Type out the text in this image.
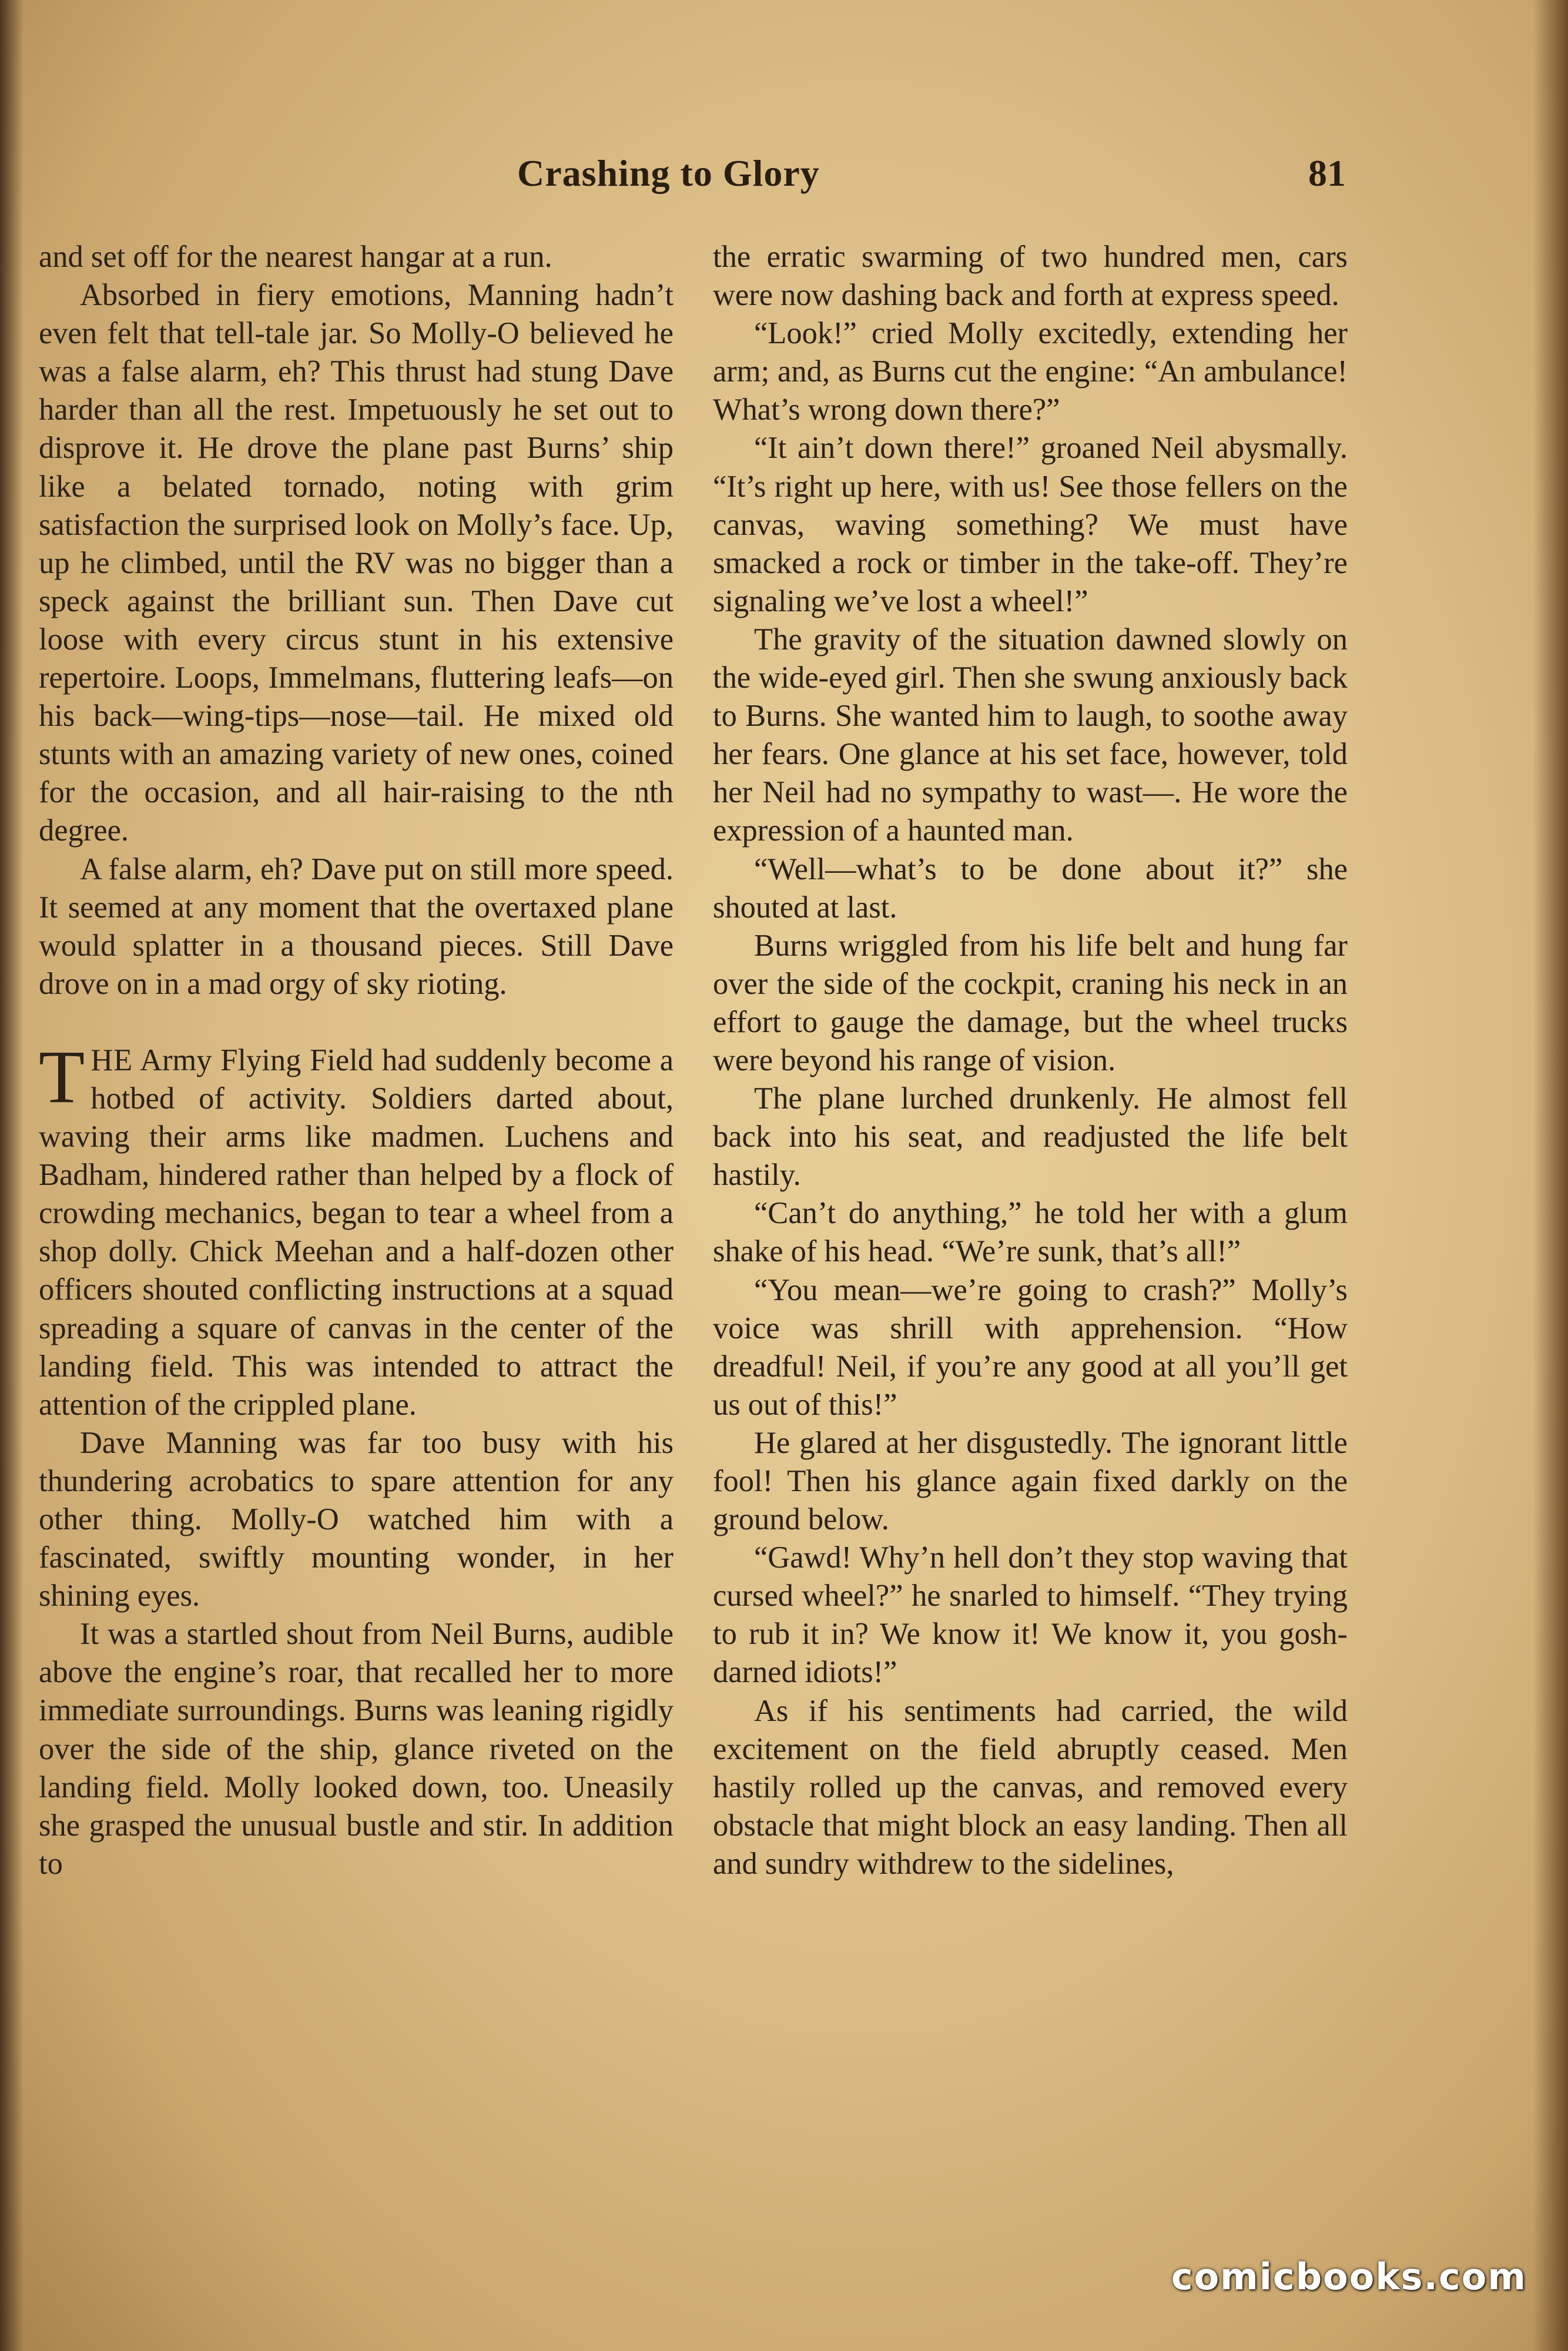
Crashing to Glory	81

and set off for the nearest hangar at a run.

Absorbed in fiery emotions, Manning hadn’t even felt that tell-tale jar. So Molly-O believed he was a false alarm, eh? This thrust had stung Dave harder than all the rest. Impetuously he set out to disprove it. He drove the plane past Burns’ ship like a belated tornado, noting with grim satisfaction the surprised look on Molly’s face. Up, up he climbed, until the RV was no bigger than a speck against the brilliant sun. Then Dave cut loose with every circus stunt in his extensive repertoire. Loops, Immelmans, fluttering leafs—on his back—wing-tips—nose—tail. He mixed old stunts with an amazing variety of new ones, coined for the occasion, and all hair-raising to the nth degree.

A false alarm, eh? Dave put on still more speed. It seemed at any moment that the overtaxed plane would splatter in a thousand pieces. Still Dave drove on in a mad orgy of sky rioting.

THE Army Flying Field had suddenly become a hotbed of activity. Soldiers darted about, waving their arms like madmen. Luchens and Badham, hindered rather than helped by a flock of crowding mechanics, began to tear a wheel from a shop dolly. Chick Meehan and a half-dozen other officers shouted conflicting instructions at a squad spreading a square of canvas in the center of the landing field. This was intended to attract the attention of the crippled plane.

Dave Manning was far too busy with his thundering acrobatics to spare attention for any other thing. Molly-O watched him with a fascinated, swiftly mounting wonder, in her shining eyes.

It was a startled shout from Neil Burns, audible above the engine’s roar, that recalled her to more immediate surroundings. Burns was leaning rigidly over the side of the ship, glance riveted on the landing field. Molly looked down, too. Uneasily she grasped the unusual bustle and stir. In addition to

the erratic swarming of two hundred men, cars were now dashing back and forth at express speed.

“Look!” cried Molly excitedly, extending her arm; and, as Burns cut the engine: “An ambulance! What’s wrong down there?”

“It ain’t down there!” groaned Neil abysmally. “It’s right up here, with us! See those fellers on the canvas, waving something? We must have smacked a rock or timber in the take-off. They’re signaling we’ve lost a wheel!”

The gravity of the situation dawned slowly on the wide-eyed girl. Then she swung anxiously back to Burns. She wanted him to laugh, to soothe away her fears. One glance at his set face, however, told her Neil had no sympathy to wast—. He wore the expression of a haunted man.

“Well—what’s to be done about it?” she shouted at last.

Burns wriggled from his life belt and hung far over the side of the cockpit, craning his neck in an effort to gauge the damage, but the wheel trucks were beyond his range of vision.

The plane lurched drunkenly. He almost fell back into his seat, and readjusted the life belt hastily.

“Can’t do anything,” he told her with a glum shake of his head. “We’re sunk, that’s all!”

“You mean—we’re going to crash?” Molly’s voice was shrill with apprehension. “How dreadful! Neil, if you’re any good at all you’ll get us out of this!”

He glared at her disgustedly. The ignorant little fool! Then his glance again fixed darkly on the ground below.

“Gawd! Why’n hell don’t they stop waving that cursed wheel?” he snarled to himself. “They trying to rub it in? We know it! We know it, you gosh-darned idiots!”

As if his sentiments had carried, the wild excitement on the field abruptly ceased. Men hastily rolled up the canvas, and removed every obstacle that might block an easy landing. Then all and sundry withdrew to the sidelines,

comicbooks.com
